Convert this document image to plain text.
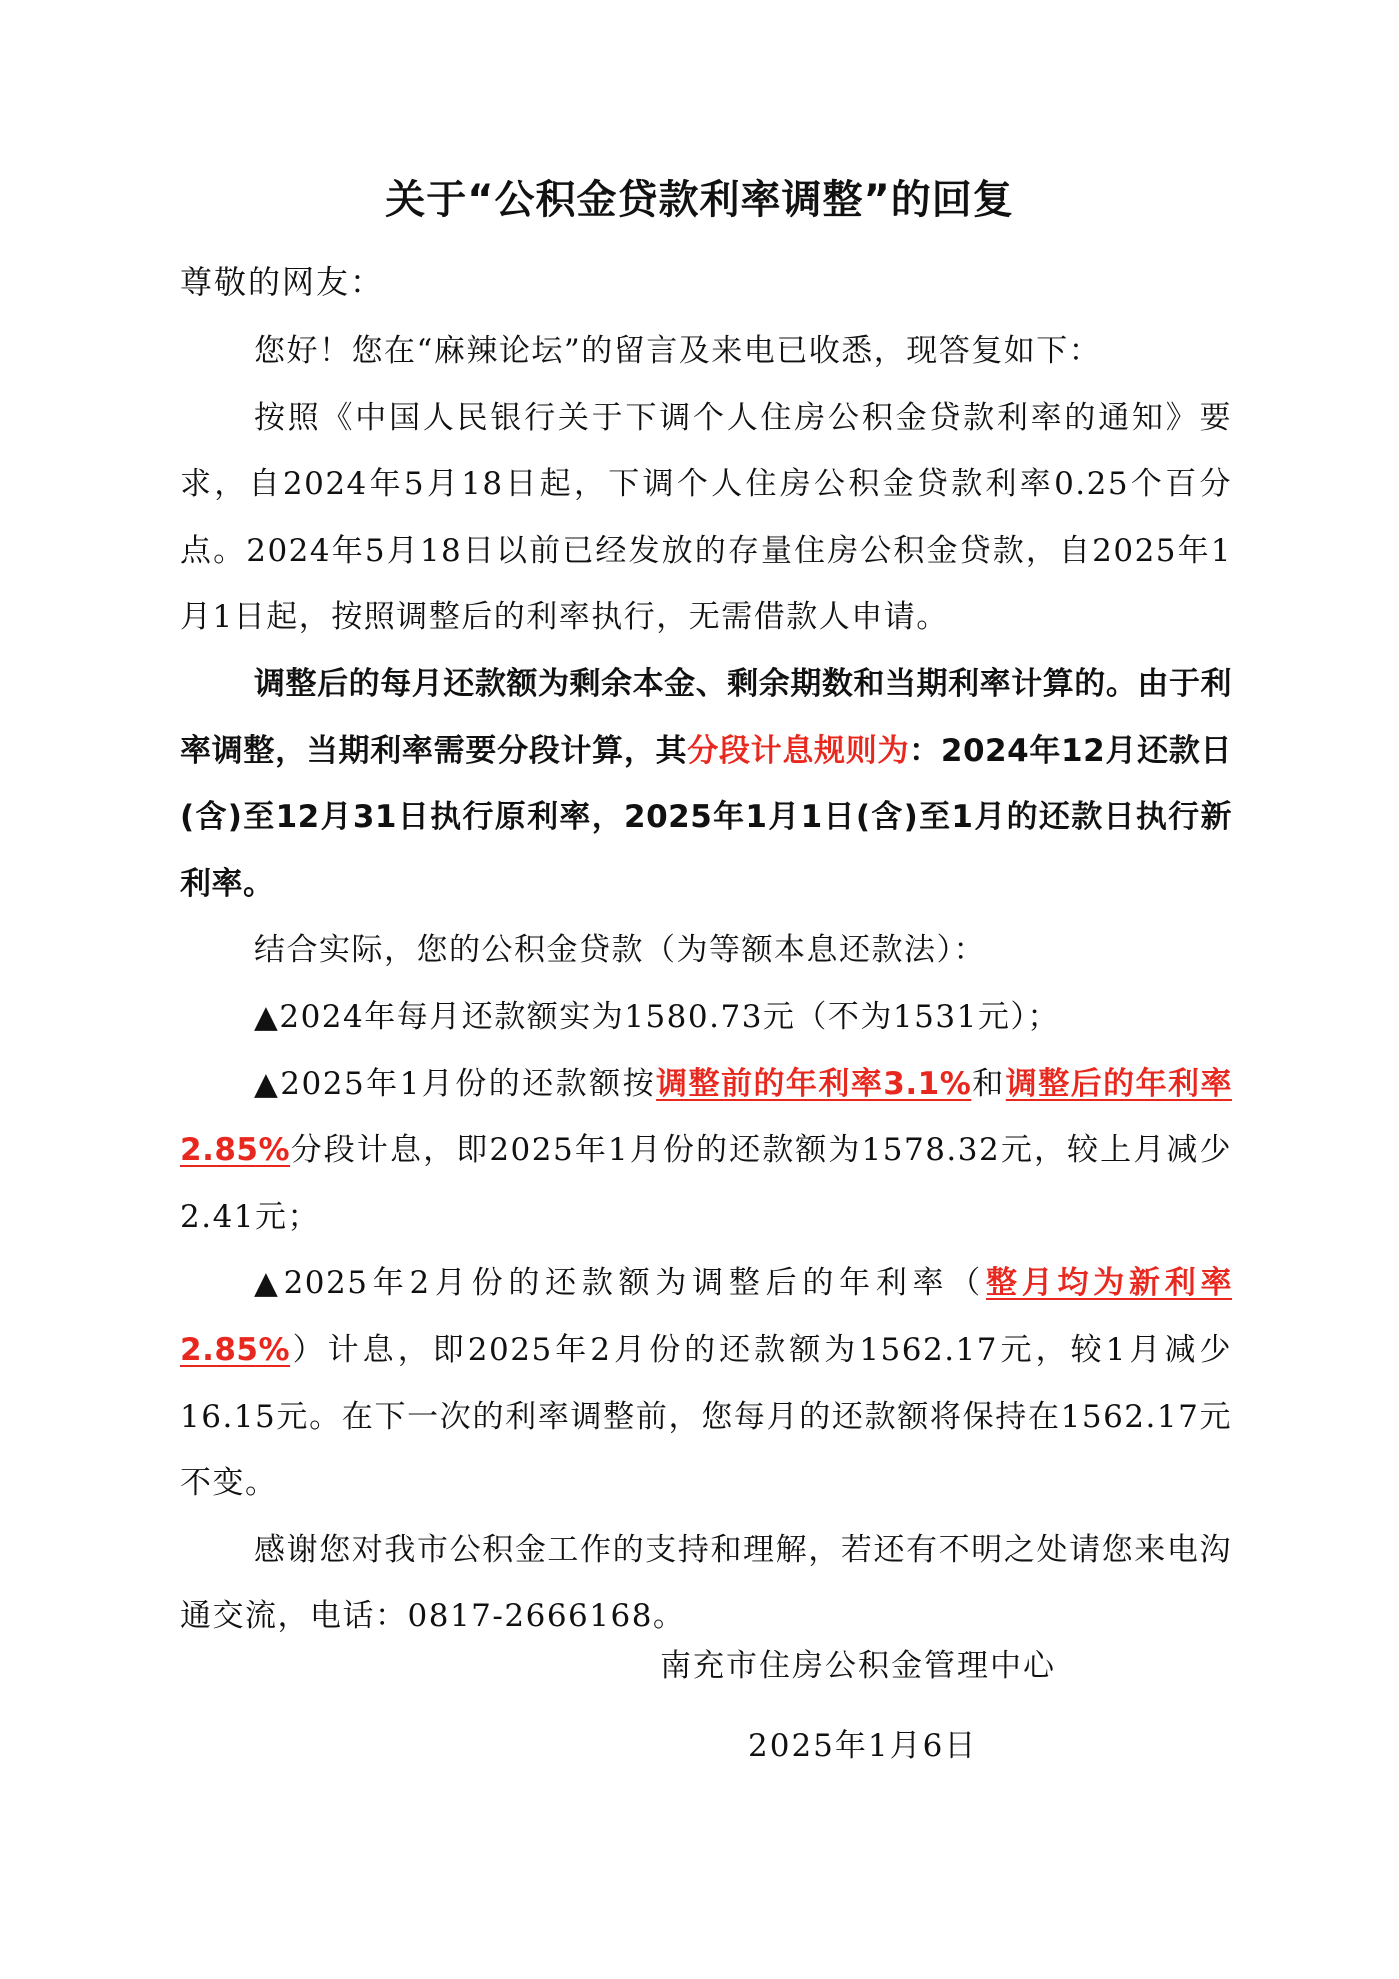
关于“公积金贷款利率调整”的回复
尊敬的网友：

您好！您在“麻辣论坛”的留言及来电已收悉，现答复如下：

按照《中国人民银行关于下调个人住房公积金贷款利率的通知》要求，自2024年5月18日起，下调个人住房公积金贷款利率0.25个百分点。2024年5月18日以前已经发放的存量住房公积金贷款，自2025年1月1日起，按照调整后的利率执行，无需借款人申请。

调整后的每月还款额为剩余本金、剩余期数和当期利率计算的。由于利率调整，当期利率需要分段计算，其分段计息规则为：2024年12月还款日(含)至12月31日执行原利率，2025年1月1日(含)至1月的还款日执行新利率。

结合实际，您的公积金贷款（为等额本息还款法）：

▲2024年每月还款额实为1580.73元（不为1531元）；

▲2025年1月份的还款额按调整前的年利率3.1%和调整后的年利率2.85%分段计息，即2025年1月份的还款额为1578.32元，较上月减少2.41元；

▲2025年2月份的还款额为调整后的年利率（整月均为新利率2.85%）计息，即2025年2月份的还款额为1562.17元，较1月减少16.15元。在下一次的利率调整前，您每月的还款额将保持在1562.17元不变。

感谢您对我市公积金工作的支持和理解，若还有不明之处请您来电沟通交流，电话：0817-2666168。

南充市住房公积金管理中心
2025年1月6日
